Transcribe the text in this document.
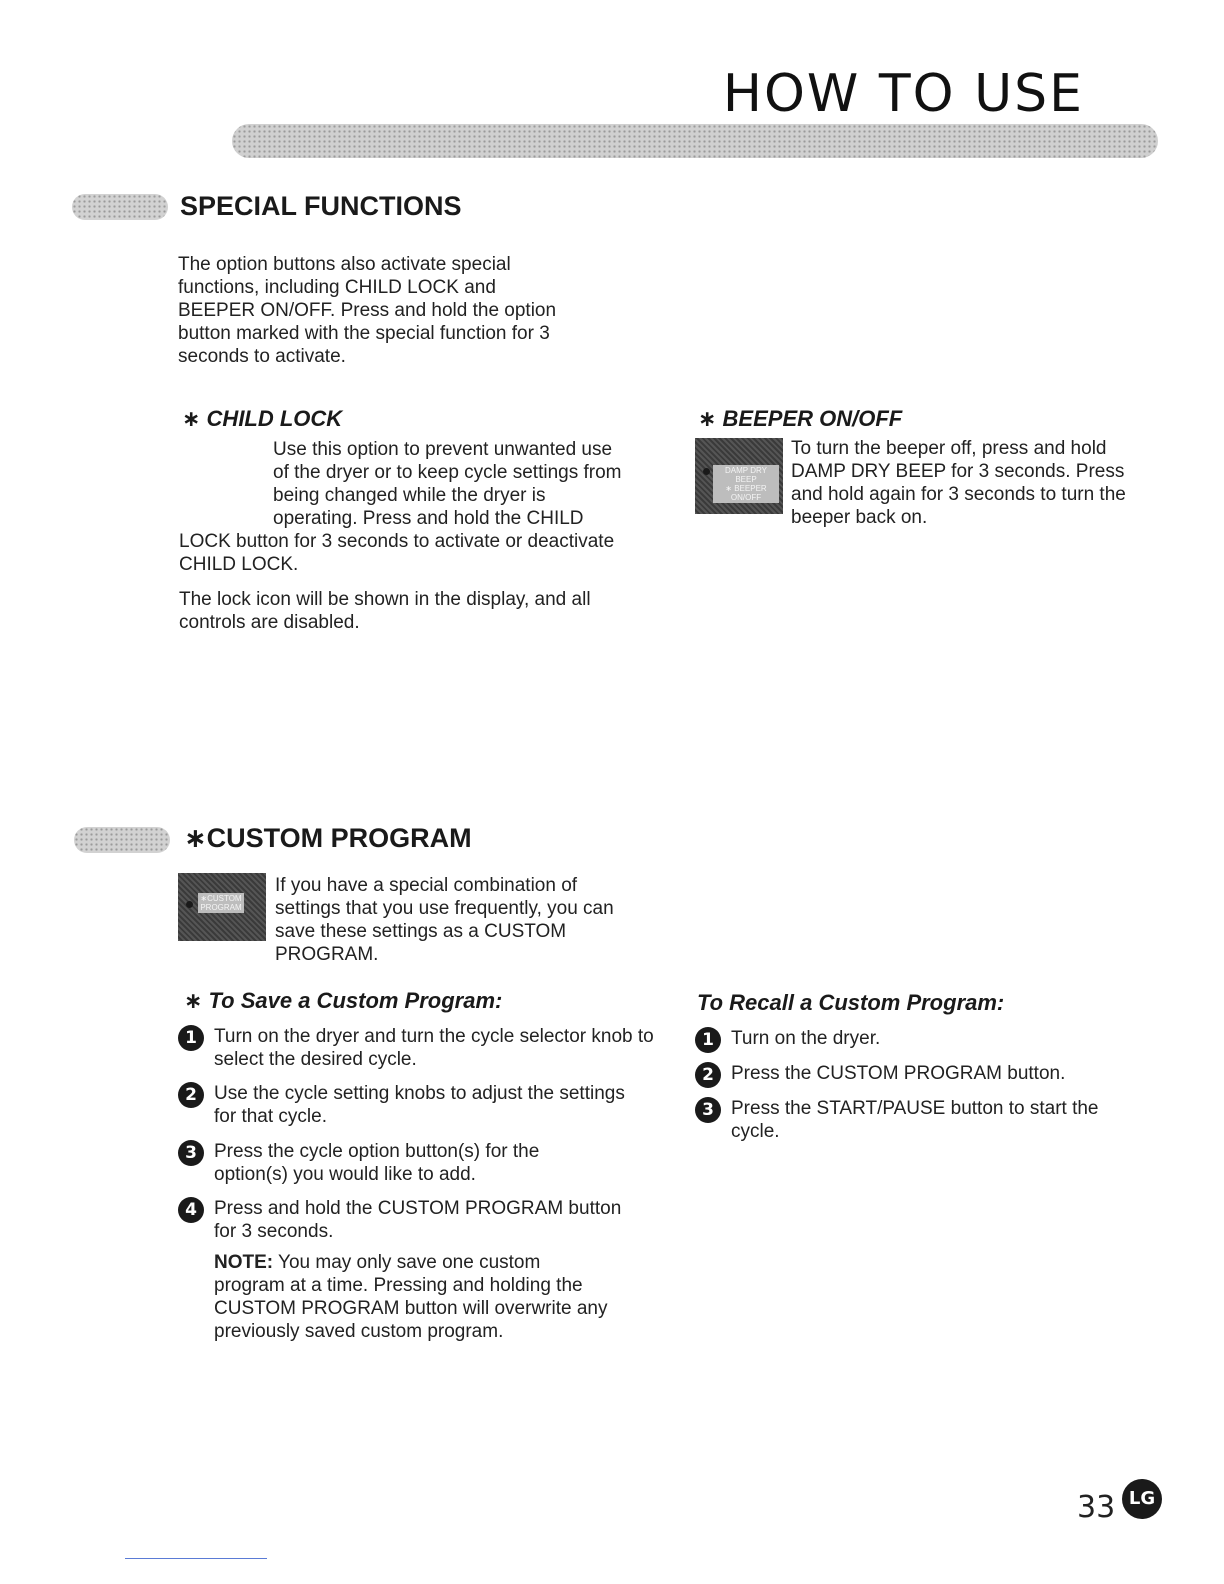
HOW TO USE
SPECIAL FUNCTIONS
The option buttons also activate special functions, including CHILD LOCK and BEEPER ON/OFF. Press and hold the option button marked with the special function for 3 seconds to activate.
∗ CHILD LOCK

Use this option to prevent unwanted use of the dryer or to keep cycle settings from being changed while the dryer is operating. Press and hold the CHILD LOCK button for 3 seconds to activate or deactivate CHILD LOCK.

The lock icon will be shown in the display, and all controls are disabled.

∗ BEEPER ON/OFF
DAMP DRY BEEP
∗ BEEPER ON/OFF
To turn the beeper off, press and hold DAMP DRY BEEP for 3 seconds. Press and hold again for 3 seconds to turn the beeper back on.
∗CUSTOM PROGRAM
∗CUSTOM
PROGRAM
If you have a special combination of settings that you use frequently, you can save these settings as a CUSTOM PROGRAM.
∗ To Save a Custom Program:
1 Turn on the dryer and turn the cycle selector knob to select the desired cycle.
2 Use the cycle setting knobs to adjust the settings for that cycle.
3 Press the cycle option button(s) for the option(s) you would like to add.
4 Press and hold the CUSTOM PROGRAM button for 3 seconds.
NOTE: You may only save one custom program at a time. Pressing and holding the CUSTOM PROGRAM button will overwrite any previously saved custom program.
To Recall a Custom Program:
1 Turn on the dryer.
2 Press the CUSTOM PROGRAM button.
3 Press the START/PAUSE button to start the cycle.
33 LG
